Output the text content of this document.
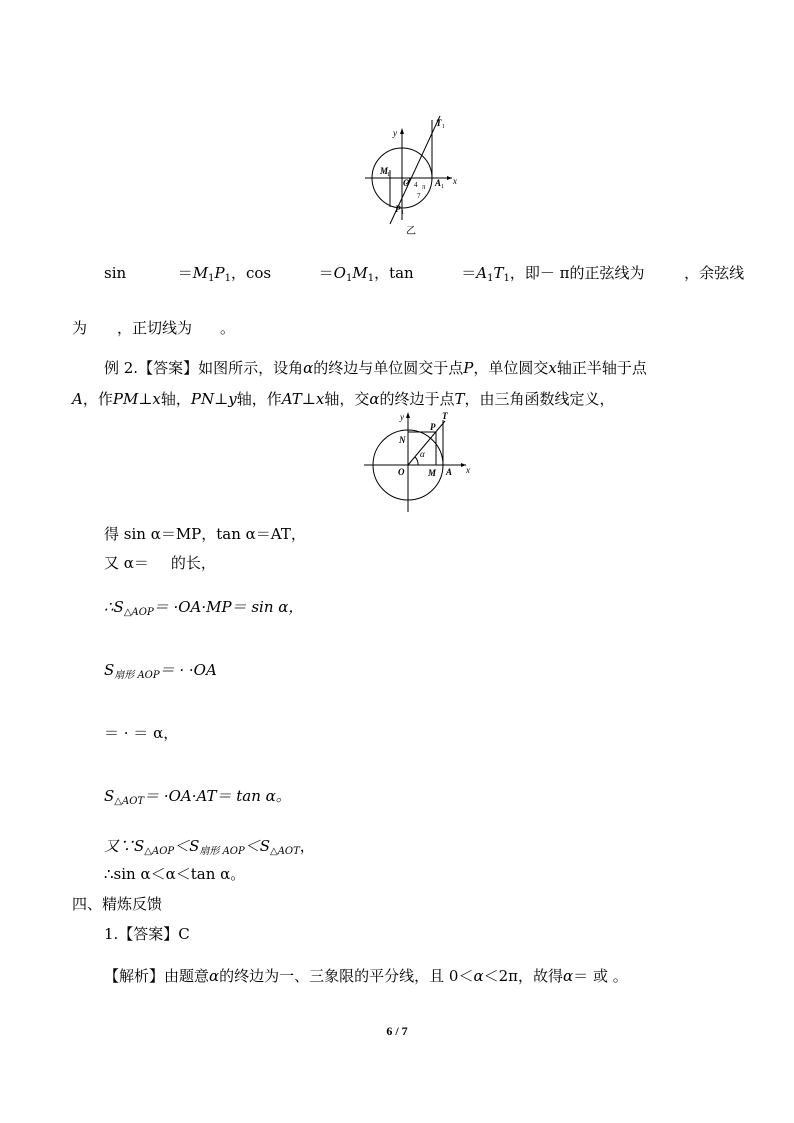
y
x
T 1
M
1
O	A 1
P 1
4 π
7
乙
sin	$=M_1P_1$，cos	$=O_1M_1$，tan	$=A_1T_1$，即－ π的正弦线为	，余弦线
为 ，正切线为 。
例 2.【答案】如图所示，设角α的终边与单位圆交于点P，单位圆交x轴正半轴于点
A，作PM⊥x轴，PN⊥y轴，作AT⊥x轴，交α的终边于点T，由三角函数线定义，
y	T
P
N
α
O	M A x
得 sin α＝MP，tan α＝AT，
又 α＝ 的长，
$\therefore S_{\triangle AOP}= \cdot OA\cdot MP= \sin \alpha$，
$S_{扇形 AOP}= \cdot \cdot OA$
＝ · ＝ α，
$S_{\triangle AOT}= \cdot OA\cdot AT= \tan \alpha$。
又$\because S_{\triangle AOP}<S_{扇形 AOP}<S_{\triangle AOT}$，
∴sin α＜α＜tan α。
四、精炼反馈
1.【答案】C
【解析】由题意α的终边为一、三象限的平分线，且 0＜α＜2π，故得α＝ 或 。
6 / 7
